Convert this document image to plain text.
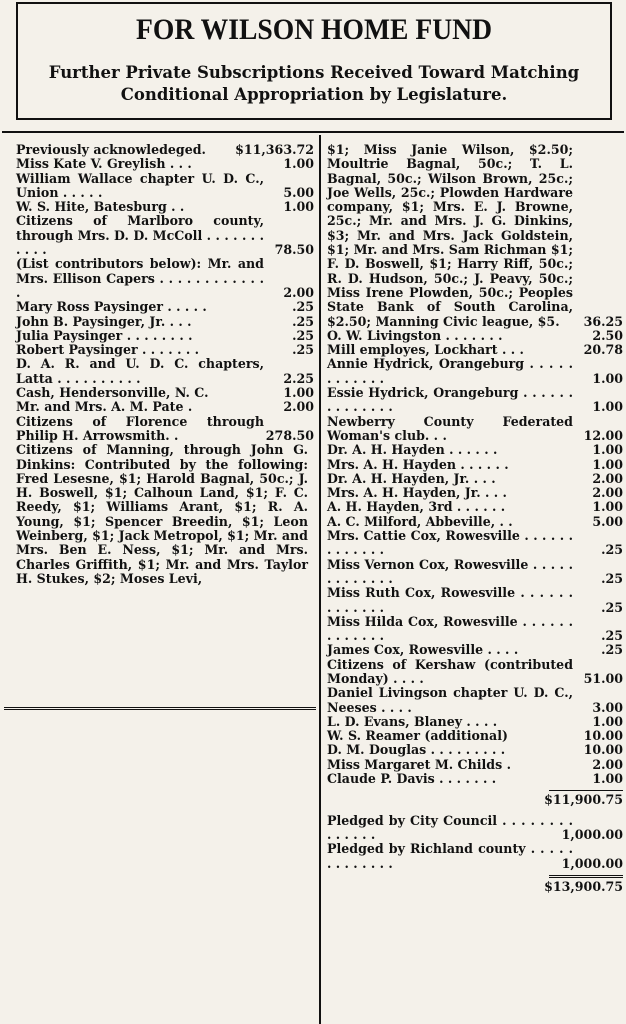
FOR WILSON HOME FUND
Further Private Subscriptions Received Toward Matching
Conditional Appropriation by Legislature.
Previously acknowledeged.	$11,363.72
Miss Kate V. Greylish . . .	1.00
William Wallace chapter U. D. C., Union . . . . .	5.00
W. S. Hite, Batesburg . .	1.00
Citizens of Marlboro county, through Mrs. D. D. McColl . . . . . . . . . . .	78.50
(List contributors below): Mr. and Mrs. Ellison Capers . . . . . . . . . . . . .	2.00
Mary Ross Paysinger . . . . .	.25
John B. Paysinger, Jr. . . .	.25
Julia Paysinger . . . . . . . .	.25
Robert Paysinger . . . . . . .	.25
D. A. R. and U. D. C. chapters, Latta . . . . . . . . . .	2.25
Cash, Hendersonville, N. C.	1.00
Mr. and Mrs. A. M. Pate .	2.00
Citizens of Florence through Philip H. Arrowsmith. .	278.50
Citizens of Manning, through John G. Dinkins: Contributed by the following: Fred Lesesne, $1; Harold Bagnal, 50c.; J. H. Boswell, $1; Calhoun Land, $1; F. C. Reedy, $1; Williams Arant, $1; R. A. Young, $1; Spencer Breedin, $1; Leon Weinberg, $1; Jack Metropol, $1; Mr. and Mrs. Ben E. Ness, $1; Mr. and Mrs. Charles Griffith, $1; Mr. and Mrs. Taylor H. Stukes, $2; Moses Levi,
$1; Miss Janie Wilson, $2.50; Moultrie Bagnal, 50c.; T. L. Bagnal, 50c.; Wilson Brown, 25c.; Joe Wells, 25c.; Plowden Hardware company, $1; Mrs. E. J. Browne, 25c.; Mr. and Mrs. J. G. Dinkins, $3; Mr. and Mrs. Jack Goldstein, $1; Mr. and Mrs. Sam Richman $1; F. D. Boswell, $1; Harry Riff, 50c.; R. D. Hudson, 50c.; J. Peavy, 50c.; Miss Irene Plowden, 50c.; Peoples State Bank of South Carolina, $2.50; Manning Civic league, $5.	36.25
O. W. Livingston . . . . . . .	2.50
Mill employes, Lockhart . . .	20.78
Annie Hydrick, Orangeburg . . . . . . . . . . . .	1.00
Essie Hydrick, Orangeburg . . . . . . . . . . . . . .	1.00
Newberry County Federated Woman's club. . .	12.00
Dr. A. H. Hayden . . . . . .	1.00
Mrs. A. H. Hayden . . . . . .	1.00
Dr. A. H. Hayden, Jr. . . .	2.00
Mrs. A. H. Hayden, Jr. . . .	2.00
A. H. Hayden, 3rd . . . . . .	1.00
A. C. Milford, Abbeville, . .	5.00
Mrs. Cattie Cox, Rowesville . . . . . . . . . . . . .	.25
Miss Vernon Cox, Rowesville . . . . . . . . . . . . .	.25
Miss Ruth Cox, Rowesville . . . . . . . . . . . . .	.25
Miss Hilda Cox, Rowesville . . . . . . . . . . . . .	.25
James Cox, Rowesville . . . .	.25
Citizens of Kershaw (contributed Monday) . . . .	51.00
Daniel Livingson chapter U. D. C., Neeses . . . .	3.00
L. D. Evans, Blaney . . . .	1.00
W. S. Reamer (additional)	10.00
D. M. Douglas . . . . . . . . .	10.00
Miss Margaret M. Childs .	2.00
Claude P. Davis . . . . . . .	1.00
$11,900.75
Pledged by City Council . . . . . . . . . . . . . .	1,000.00
Pledged by Richland county . . . . . . . . . . . . .	1,000.00
$13,900.75
